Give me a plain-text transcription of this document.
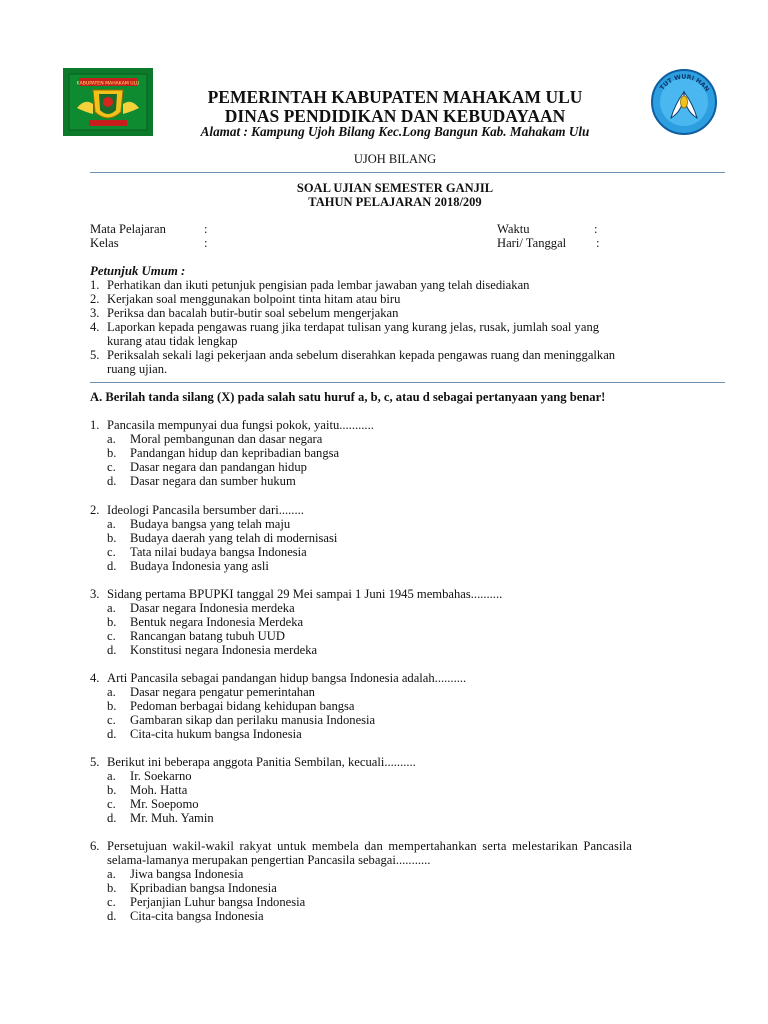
KABUPATEN MAHAKAM ULU
TUT WURI HAN
PEMERINTAH KABUPATEN MAHAKAM ULU
DINAS PENDIDIKAN DAN KEBUDAYAAN
Alamat : Kampung Ujoh Bilang Kec.Long Bangun Kab. Mahakam Ulu
UJOH BILANG
SOAL UJIAN SEMESTER GANJIL
TAHUN PELAJARAN 2018/209
Mata Pelajaran	:
Kelas	:
Waktu	:
Hari/ Tanggal :
Petunjuk Umum :
1. Perhatikan dan ikuti petunjuk pengisian pada lembar jawaban yang telah disediakan
2. Kerjakan soal menggunakan bolpoint tinta hitam atau biru
3. Periksa dan bacalah butir-butir soal sebelum mengerjakan
4. Laporkan kepada pengawas ruang jika terdapat tulisan yang kurang jelas, rusak, jumlah soal yang
kurang atau tidak lengkap
5. Periksalah sekali lagi pekerjaan anda sebelum diserahkan kepada pengawas ruang dan meninggalkan
ruang ujian.
A. Berilah tanda silang (X) pada salah satu huruf a, b, c, atau d sebagai pertanyaan yang benar!
1. Pancasila mempunyai dua fungsi pokok, yaitu...........
a. Moral pembangunan dan dasar negara
b. Pandangan hidup dan kepribadian bangsa
c. Dasar negara dan pandangan hidup
d. Dasar negara dan sumber hukum
2. Ideologi Pancasila bersumber dari........
a. Budaya bangsa yang telah maju
b. Budaya daerah yang telah di modernisasi
c. Tata nilai budaya bangsa Indonesia
d. Budaya Indonesia yang asli
3. Sidang pertama BPUPKI tanggal 29 Mei sampai 1 Juni 1945 membahas..........
a. Dasar negara Indonesia merdeka
b. Bentuk negara Indonesia Merdeka
c. Rancangan batang tubuh UUD
d. Konstitusi negara Indonesia merdeka
4. Arti Pancasila sebagai pandangan hidup bangsa Indonesia adalah..........
a. Dasar negara pengatur pemerintahan
b. Pedoman berbagai bidang kehidupan bangsa
c. Gambaran sikap dan perilaku manusia Indonesia
d. Cita-cita hukum bangsa Indonesia
5. Berikut ini beberapa anggota Panitia Sembilan, kecuali..........
a. Ir. Soekarno
b. Moh. Hatta
c. Mr. Soepomo
d. Mr. Muh. Yamin
6. Persetujuan wakil-wakil rakyat untuk membela dan mempertahankan serta melestarikan Pancasila
selama-lamanya merupakan pengertian Pancasila sebagai...........
a. Jiwa bangsa Indonesia
b. Kpribadian bangsa Indonesia
c. Perjanjian Luhur bangsa Indonesia
d. Cita-cita bangsa Indonesia
